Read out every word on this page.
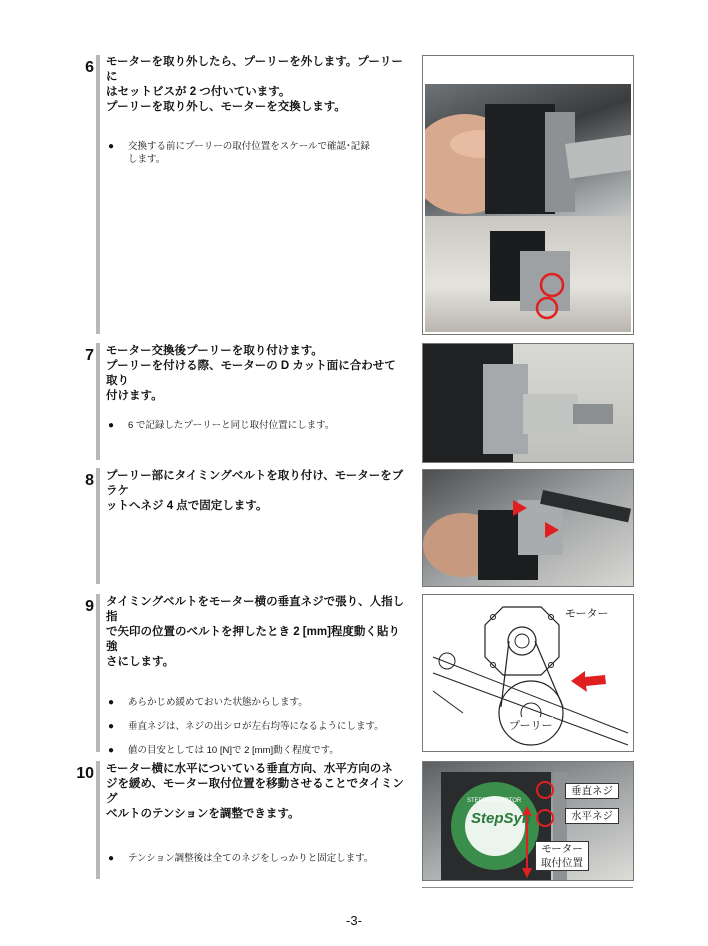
6 モーターを取り外したら、プーリーを外します。プーリーに
はセットビスが 2 つ付いています。
プーリーを取り外し、モーターを交換します。

● 交換する前にプーリーの取付位置をスケールで確認･記録
します。
7 モーター交換後プーリーを取り付けます。
プーリーを付ける際、モーターの D カット面に合わせて取り
付けます。

● 6 で記録したプーリーと同じ取付位置にします。
8 プーリー部にタイミングベルトを取り付け、モーターをブラケ
ットへネジ 4 点で固定します。

9 タイミングベルトをモーター横の垂直ネジで張り、人指し指
で矢印の位置のベルトを押したとき 2 [mm]程度動く貼り強
さにします。

● あらかじめ緩めておいた状態からします。
● 垂直ネジは、ネジの出シロが左右均等になるようにします。
● 値の目安としては 10 [N]で 2 [mm]動く程度です。
モーター
プーリー
10 モーター横に水平についている垂直方向、水平方向のネ
ジを緩め、モーター取付位置を移動させることでタイミング
ベルトのテンションを調整できます。

● テンション調整後は全てのネジをしっかりと固定します。
STEPPING MOTOR
StepSyn
垂直ネジ
水平ネジ
モーター
取付位置
-3-
